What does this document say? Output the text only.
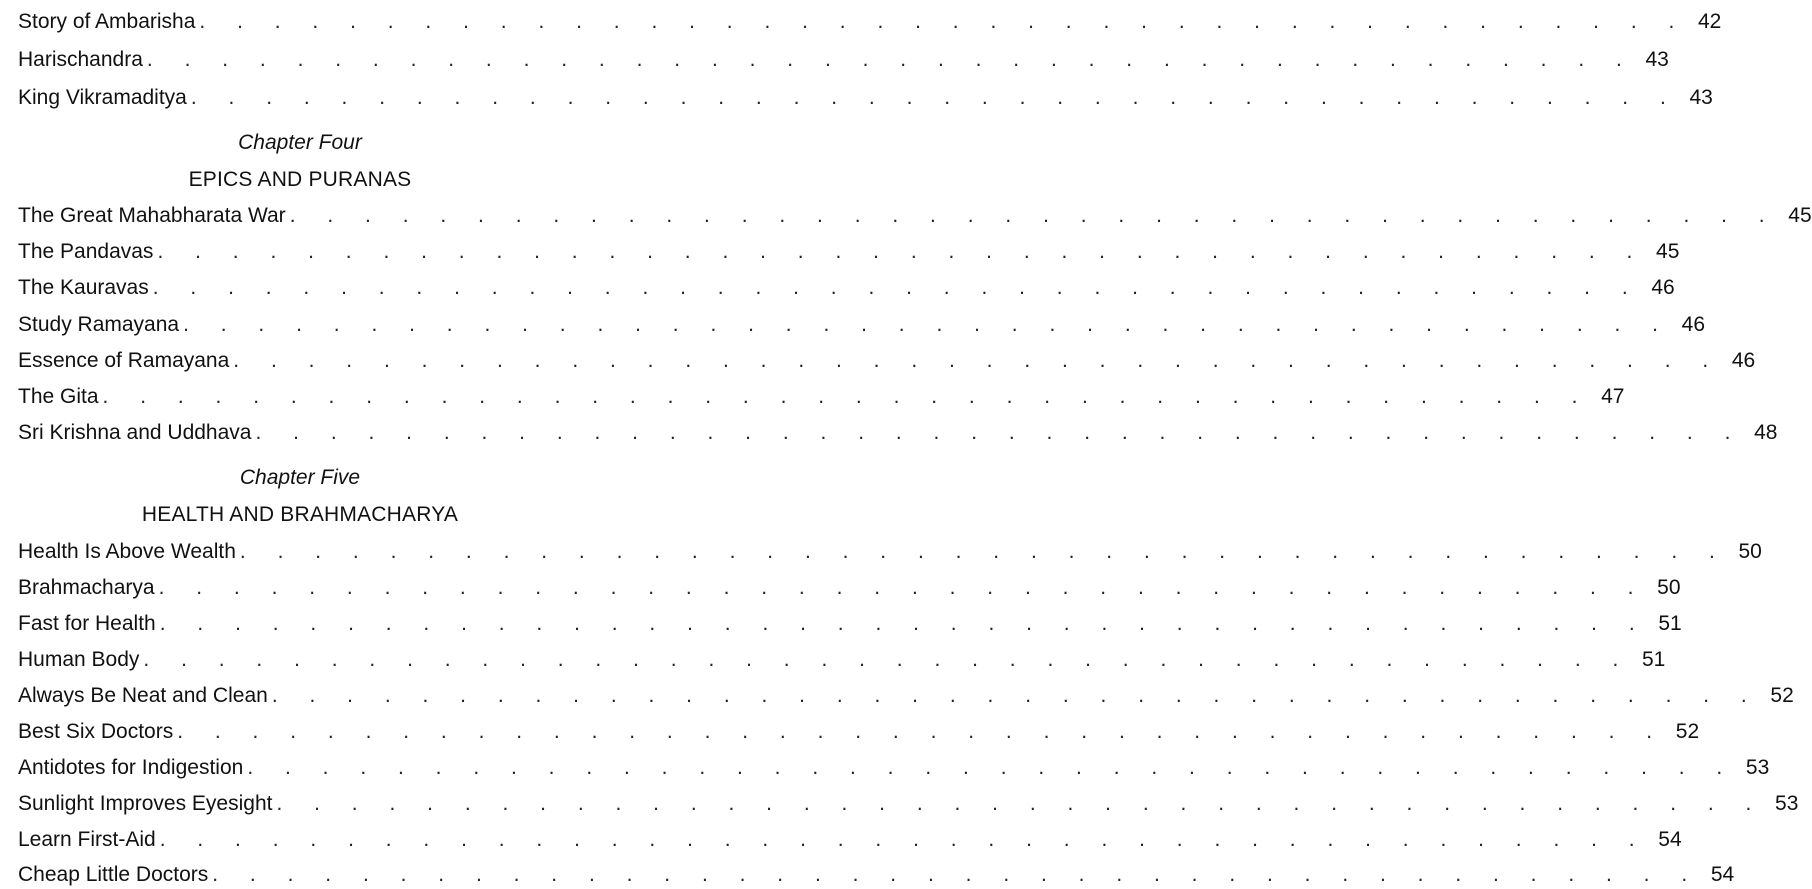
Story of Ambarisha . . . . . . . . . . . . . . . . . . . . . . . . . . . . . . . . . . . . . . . . 42
Harischandra . . . . . . . . . . . . . . . . . . . . . . . . . . . . . . . . . . . . . . . . 43
King Vikramaditya . . . . . . . . . . . . . . . . . . . . . . . . . . . . . . . . . . . . . . . . 43
Chapter Four
EPICS AND PURANAS
The Great Mahabharata War . . . . . . . . . . . . . . . . . . . . . . . . . . . . . . . . . . . . . . . . 45
The Pandavas . . . . . . . . . . . . . . . . . . . . . . . . . . . . . . . . . . . . . . . . 45
The Kauravas . . . . . . . . . . . . . . . . . . . . . . . . . . . . . . . . . . . . . . . . 46
Study Ramayana . . . . . . . . . . . . . . . . . . . . . . . . . . . . . . . . . . . . . . . . 46
Essence of Ramayana . . . . . . . . . . . . . . . . . . . . . . . . . . . . . . . . . . . . . . . . 46
The Gita . . . . . . . . . . . . . . . . . . . . . . . . . . . . . . . . . . . . . . . . 47
Sri Krishna and Uddhava . . . . . . . . . . . . . . . . . . . . . . . . . . . . . . . . . . . . . . . . 48
Chapter Five
HEALTH AND BRAHMACHARYA
Health Is Above Wealth . . . . . . . . . . . . . . . . . . . . . . . . . . . . . . . . . . . . . . . . 50
Brahmacharya . . . . . . . . . . . . . . . . . . . . . . . . . . . . . . . . . . . . . . . . 50
Fast for Health . . . . . . . . . . . . . . . . . . . . . . . . . . . . . . . . . . . . . . . . 51
Human Body . . . . . . . . . . . . . . . . . . . . . . . . . . . . . . . . . . . . . . . . 51
Always Be Neat and Clean . . . . . . . . . . . . . . . . . . . . . . . . . . . . . . . . . . . . . . . . 52
Best Six Doctors . . . . . . . . . . . . . . . . . . . . . . . . . . . . . . . . . . . . . . . . 52
Antidotes for Indigestion . . . . . . . . . . . . . . . . . . . . . . . . . . . . . . . . . . . . . . . . 53
Sunlight Improves Eyesight . . . . . . . . . . . . . . . . . . . . . . . . . . . . . . . . . . . . . . . . 53
Learn First-Aid . . . . . . . . . . . . . . . . . . . . . . . . . . . . . . . . . . . . . . . . 54
Cheap Little Doctors . . . . . . . . . . . . . . . . . . . . . . . . . . . . . . . . . . . . . . . . 54
